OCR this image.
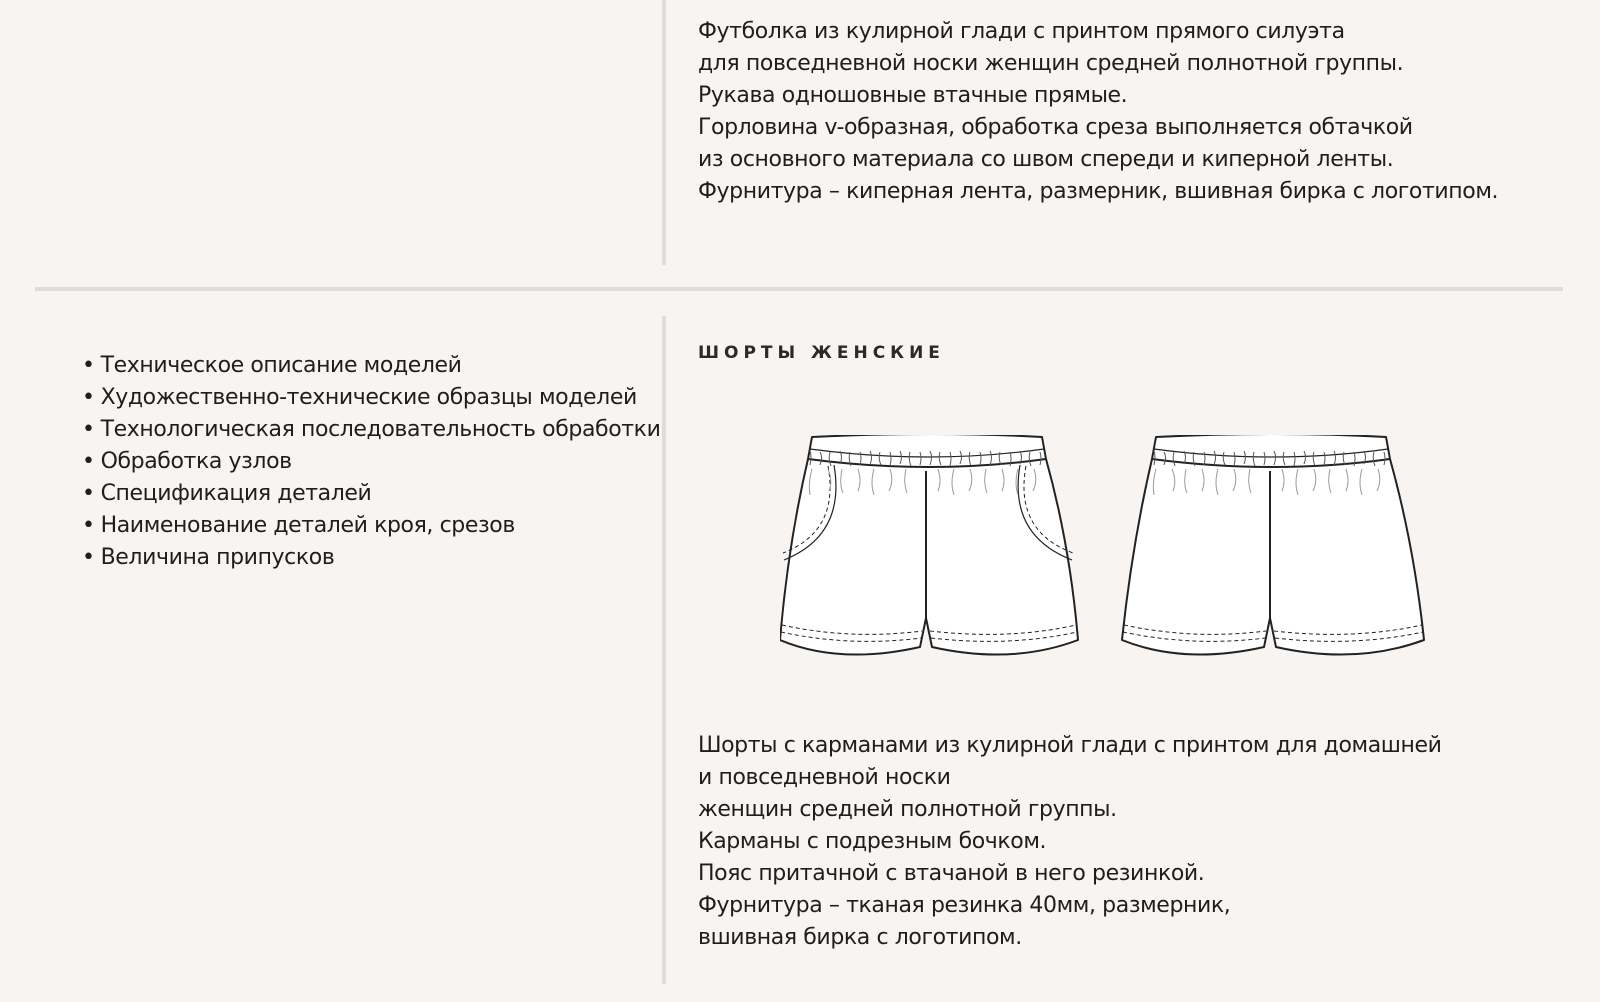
Футболка из кулирной глади с принтом прямого силуэта

для повседневной носки женщин средней полнотной группы.

Рукава одношовные втачные прямые.

Горловина v-образная, обработка среза выполняется обтачкой

из основного материала со швом спереди и киперной ленты.

Фурнитура – киперная лента, размерник, вшивная бирка с логотипом.

• Техническое описание моделей
• Художественно-технические образцы моделей
• Технологическая последовательность обработки
• Обработка узлов
• Спецификация деталей
• Наименование деталей кроя, срезов
• Величина припусков
ШОРТЫ ЖЕНСКИЕ

Шорты с карманами из кулирной глади с принтом для домашней

и повседневной носки

женщин средней полнотной группы.

Карманы с подрезным бочком.

Пояс притачной с втачаной в него резинкой.

Фурнитура – тканая резинка 40мм, размерник,

вшивная бирка с логотипом.
